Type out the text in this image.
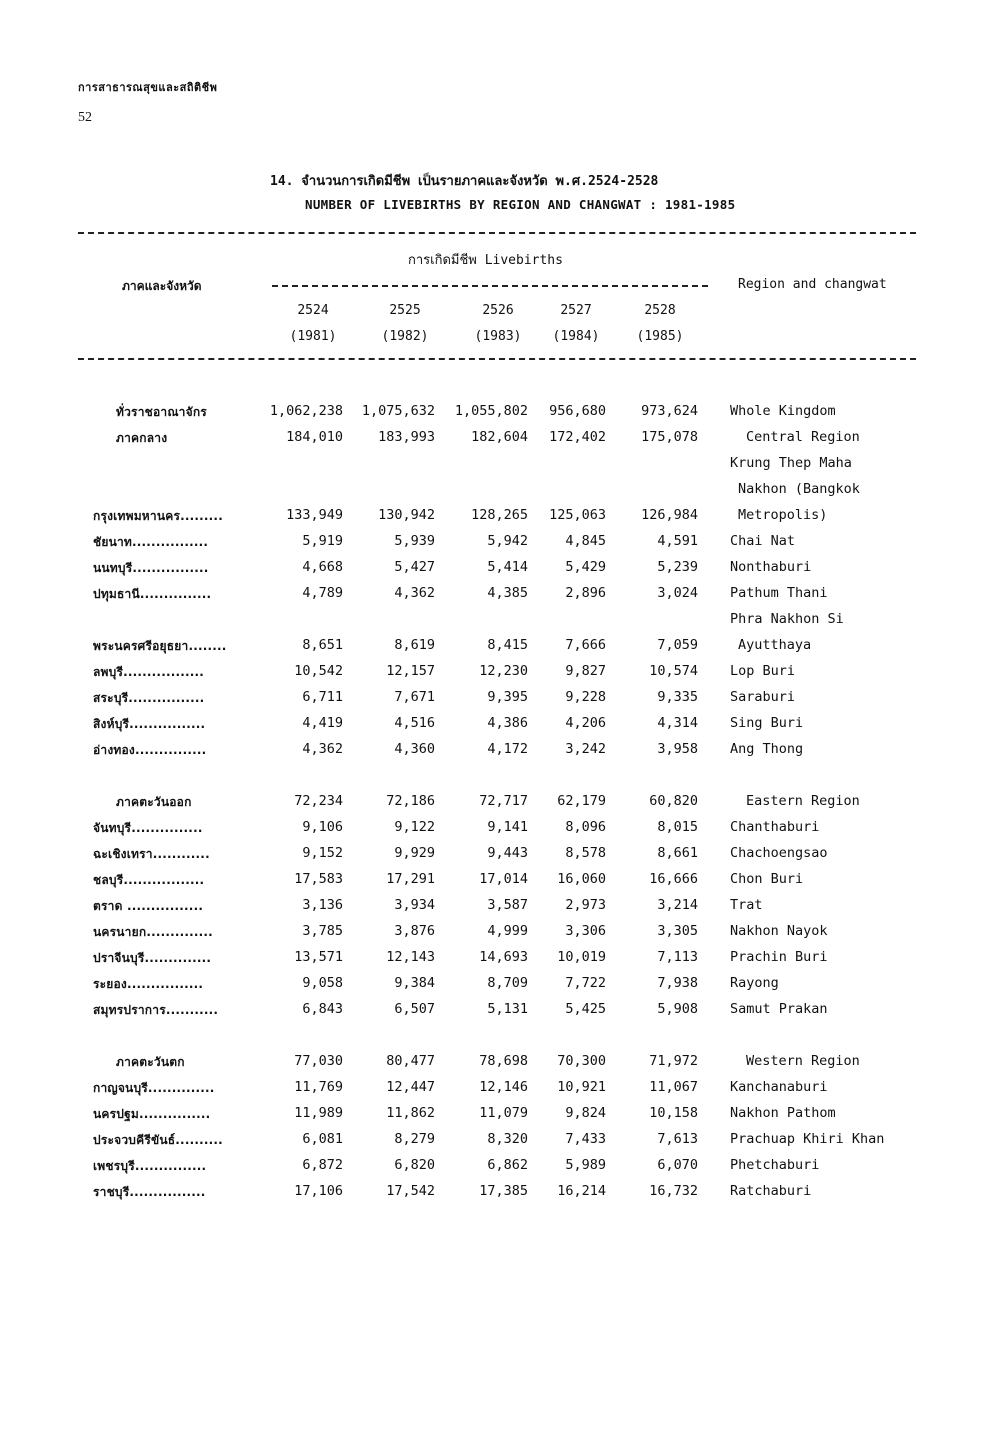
การสาธารณสุขและสถิติชีพ
52
14. จำนวนการเกิดมีชีพ เป็นรายภาคและจังหวัด พ.ศ.2524-2528
NUMBER OF LIVEBIRTHS BY REGION AND CHANGWAT : 1981-1985
การเกิดมีชีพ Livebirths
ภาคและจังหวัด	Region and changwat
2524	2525	2526	2527	2528
(1981)	(1982)	(1983)	(1984)	(1985)
ทั่วราชอาณาจักร	1,062,238	1,075,632	1,055,802	956,680	973,624 Whole Kingdom
ภาคกลาง	184,010	183,993	182,604	172,402	175,078	Central Region
Krung Thep Maha
Nakhon (Bangkok
กรุงเทพมหานคร.........	133,949	130,942	128,265	125,063	126,984	Metropolis)
ชัยนาท................	5,919	5,939	5,942	4,845	4,591 Chai Nat
นนทบุรี................	4,668	5,427	5,414	5,429	5,239 Nonthaburi
ปทุมธานี...............	4,789	4,362	4,385	2,896	3,024 Pathum Thani
Phra Nakhon Si
พระนครศรีอยุธยา........	8,651	8,619	8,415	7,666	7,059	Ayutthaya
ลพบุรี.................	10,542	12,157	12,230	9,827	10,574 Lop Buri
สระบุรี................	6,711	7,671	9,395	9,228	9,335 Saraburi
สิงห์บุรี................	4,419	4,516	4,386	4,206	4,314 Sing Buri
อ่างทอง...............	4,362	4,360	4,172	3,242	3,958 Ang Thong
ภาคตะวันออก	72,234	72,186	72,717	62,179	60,820	Eastern Region
จันทบุรี...............	9,106	9,122	9,141	8,096	8,015 Chanthaburi
ฉะเชิงเทรา............	9,152	9,929	9,443	8,578	8,661 Chachoengsao
ชลบุรี.................	17,583	17,291	17,014	16,060	16,666 Chon Buri
ตราด ................	3,136	3,934	3,587	2,973	3,214 Trat
นครนายก..............	3,785	3,876	4,999	3,306	3,305 Nakhon Nayok
ปราจีนบุรี..............	13,571	12,143	14,693	10,019	7,113 Prachin Buri
ระยอง................	9,058	9,384	8,709	7,722	7,938 Rayong
สมุทรปราการ...........	6,843	6,507	5,131	5,425	5,908 Samut Prakan
ภาคตะวันตก	77,030	80,477	78,698	70,300	71,972	Western Region
กาญจนบุรี..............	11,769	12,447	12,146	10,921	11,067 Kanchanaburi
นครปฐม...............	11,989	11,862	11,079	9,824	10,158 Nakhon Pathom
ประจวบคีรีขันธ์..........	6,081	8,279	8,320	7,433	7,613 Prachuap Khiri Khan
เพชรบุรี...............	6,872	6,820	6,862	5,989	6,070 Phetchaburi
ราชบุรี................	17,106	17,542	17,385	16,214	16,732 Ratchaburi
